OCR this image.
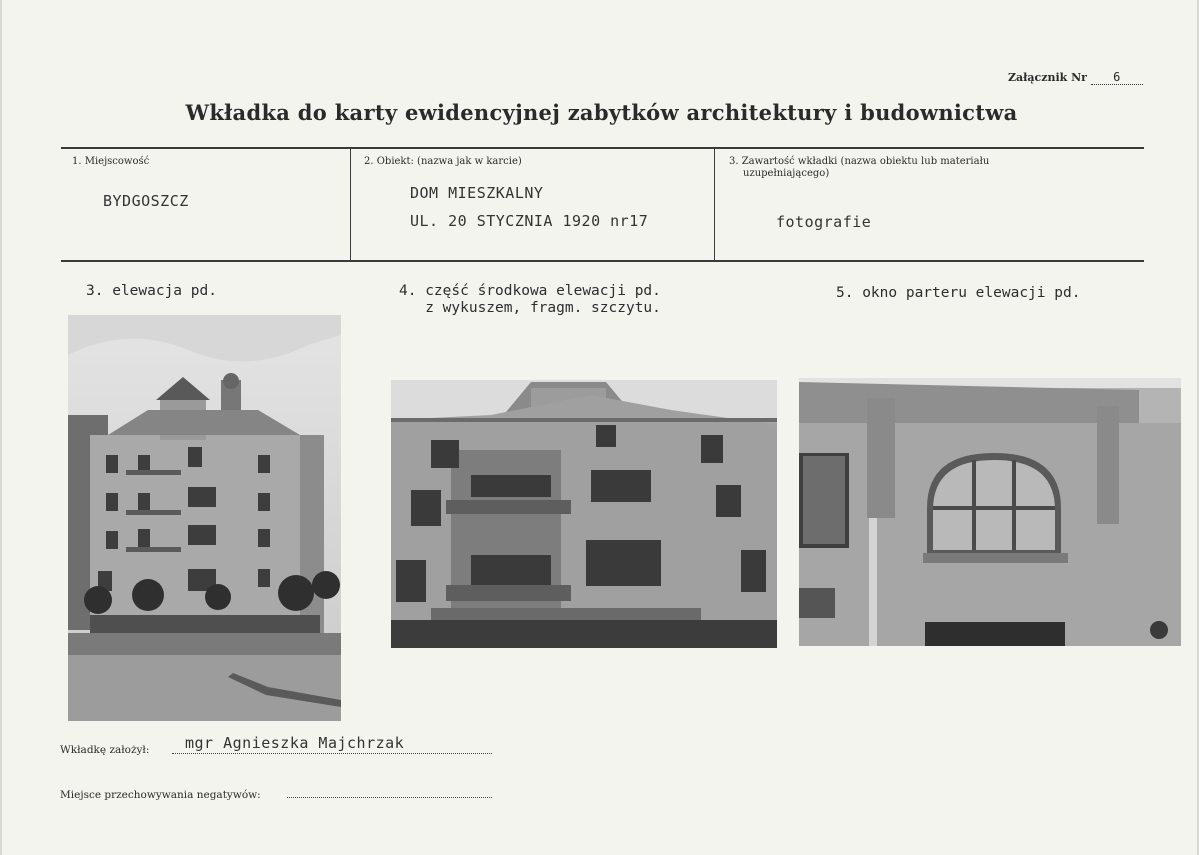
Załącznik Nr 6
Wkładka do karty ewidencyjnej zabytków architektury i budownictwa
1. Miejscowość
BYDGOSZCZ
2. Obiekt: (nazwa jak w karcie)
DOM MIESZKALNY
UL. 20 STYCZNIA 1920 nr17
3. Zawartość wkładki (nazwa obiektu lub materiału
uzupełniającego)
fotografie
3. elewacja pd.	4. część środkowa elewacji pd.
z wykuszem, fragm. szczytu.
5. okno parteru elewacji pd.
Wkładkę założył: mgr Agnieszka Majchrzak
Miejsce przechowywania negatywów:
